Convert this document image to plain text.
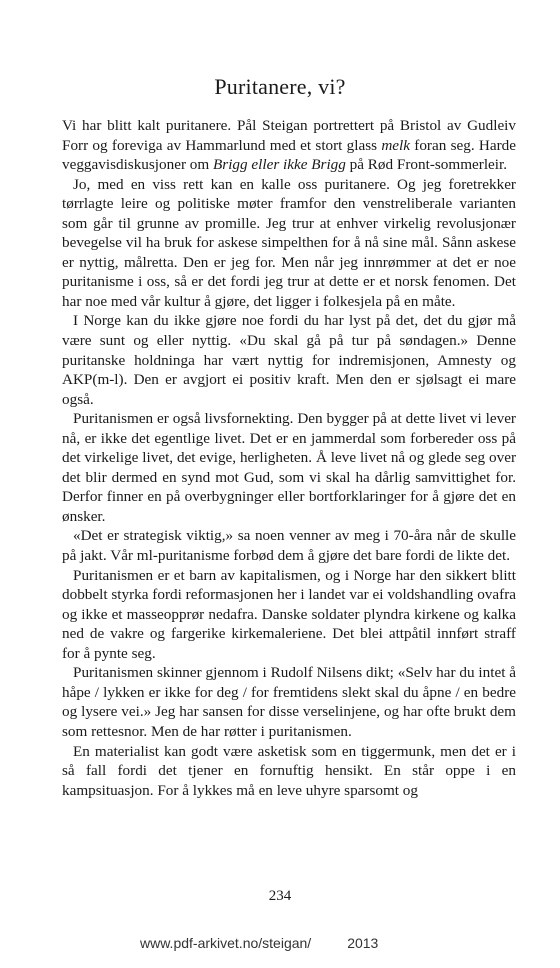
Puritanere, vi?

Vi har blitt kalt puritanere. Pål Steigan portrettert på Bristol av Gudleiv Forr og foreviga av Hammarlund med et stort glass melk foran seg. Harde veggavisdiskusjoner om Brigg eller ikke Brigg på Rød Front-sommerleir.

Jo, med en viss rett kan en kalle oss puritanere. Og jeg foretrekker tørrlagte leire og politiske møter framfor den venstreliberale varianten som går til grunne av promille. Jeg trur at enhver virkelig revolusjonær bevegelse vil ha bruk for askese simpelthen for å nå sine mål. Sånn askese er nyttig, målretta. Den er jeg for. Men når jeg innrømmer at det er noe puritanisme i oss, så er det fordi jeg trur at dette er et norsk fenomen. Det har noe med vår kultur å gjøre, det ligger i folkesjela på en måte.

I Norge kan du ikke gjøre noe fordi du har lyst på det, det du gjør må være sunt og eller nyttig. «Du skal gå på tur på søndagen.» Denne puritanske holdninga har vært nyttig for indremisjonen, Amnesty og AKP(m-l). Den er avgjort ei positiv kraft. Men den er sjølsagt ei mare også.

Puritanismen er også livsfornekting. Den bygger på at dette livet vi lever nå, er ikke det egentlige livet. Det er en jammerdal som forbereder oss på det virkelige livet, det evige, herligheten. Å leve livet nå og glede seg over det blir dermed en synd mot Gud, som vi skal ha dårlig samvittighet for. Derfor finner en på overbygninger eller bortforklaringer for å gjøre det en ønsker.

«Det er strategisk viktig,» sa noen venner av meg i 70-åra når de skulle på jakt. Vår ml-puritanisme forbød dem å gjøre det bare fordi de likte det.

Puritanismen er et barn av kapitalismen, og i Norge har den sikkert blitt dobbelt styrka fordi reformasjonen her i landet var ei voldshandling ovafra og ikke et masseopprør nedafra. Danske soldater plyndra kirkene og kalka ned de vakre og fargerike kirkemaleriene. Det blei attpåtil innført straff for å pynte seg.

Puritanismen skinner gjennom i Rudolf Nilsens dikt; «Selv har du intet å håpe / lykken er ikke for deg / for fremtidens slekt skal du åpne / en bedre og lysere vei.» Jeg har sansen for disse verselinjene, og har ofte brukt dem som rettesnor. Men de har røtter i puritanismen.

En materialist kan godt være asketisk som en tiggermunk, men det er i så fall fordi det tjener en fornuftig hensikt. En står oppe i en kampsituasjon. For å lykkes må en leve uhyre sparsomt og

234
www.pdf-arkivet.no/steigan/	2013
